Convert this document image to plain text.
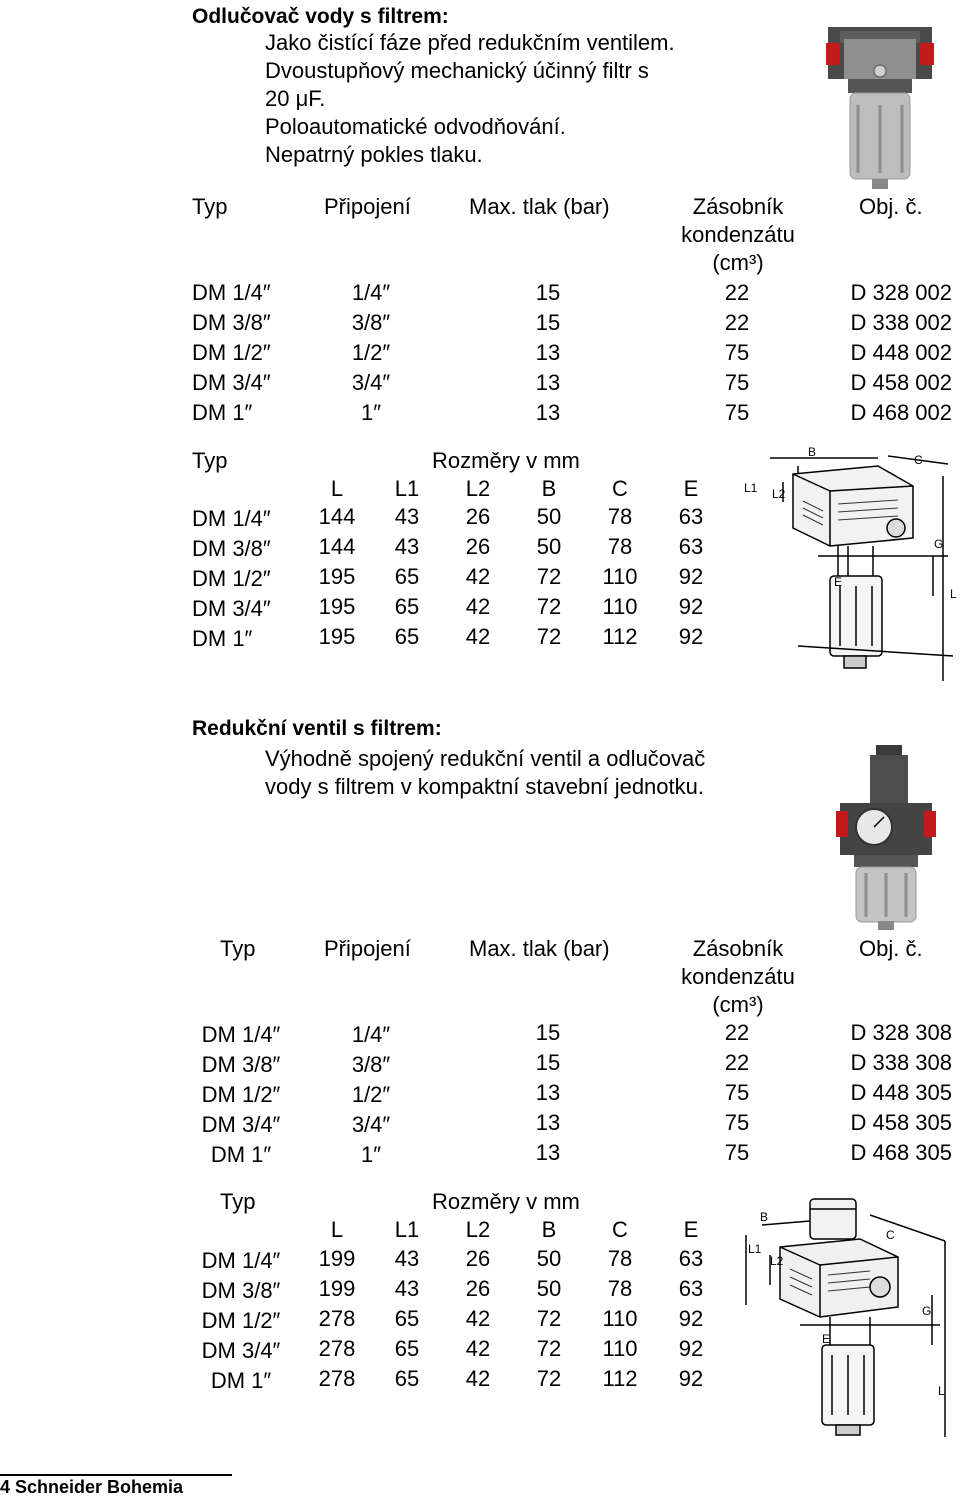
Odlučovač vody s filtrem:
Jako čistící fáze před redukčním ventilem.
Dvoustupňový mechanický účinný filtr s
20 μF.
Poloautomatické odvodňování.
Nepatrný pokles tlaku.
Typ	Připojení	Max. tlak (bar)	Zásobník
kondenzátu
(cm³)
Obj. č.
DM 1/4″	1/4″	15	22	D 328 002
DM 3/8″	3/8″	15	22	D 338 002
DM 1/2″	1/2″	13	75	D 448 002
DM 3/4″	3/4″	13	75	D 458 002
DM 1″	1″	13	75	D 468 002
Typ	Rozměry v mm
L L1 L2 B	C	E
DM 1/4″ 144 43 26 50 78 63
DM 3/8″ 144 43 26 50 78 63
DM 1/2″ 195 65 42 72 110 92
DM 3/4″ 195 65 42 72 110 92
DM 1″	195 65 42 72 112 92
B
C
L1 L2
G
E
L
Redukční ventil s filtrem:
Výhodně spojený redukční ventil a odlučovač
vody s filtrem v kompaktní stavební jednotku.
Typ	Připojení	Max. tlak (bar)	Zásobník
kondenzátu
(cm³)
Obj. č.
DM 1/4″	1/4″	15	22	D 328 308
DM 3/8″	3/8″	15	22	D 338 308
DM 1/2″	1/2″	13	75	D 448 305
DM 3/4″	3/4″	13	75	D 458 305
DM 1″	1″	13	75	D 468 305
Typ	Rozměry v mm
L L1 L2 B	C	E
DM 1/4″ 199 43 26 50 78 63
DM 3/8″ 199 43 26 50 78 63
DM 1/2″ 278 65 42 72 110 92
DM 3/4″ 278 65 42 72 110 92
DM 1″ 278 65 42 72 112 92
B
C
L1
L2
G
E
L
4 Schneider Bohemia
